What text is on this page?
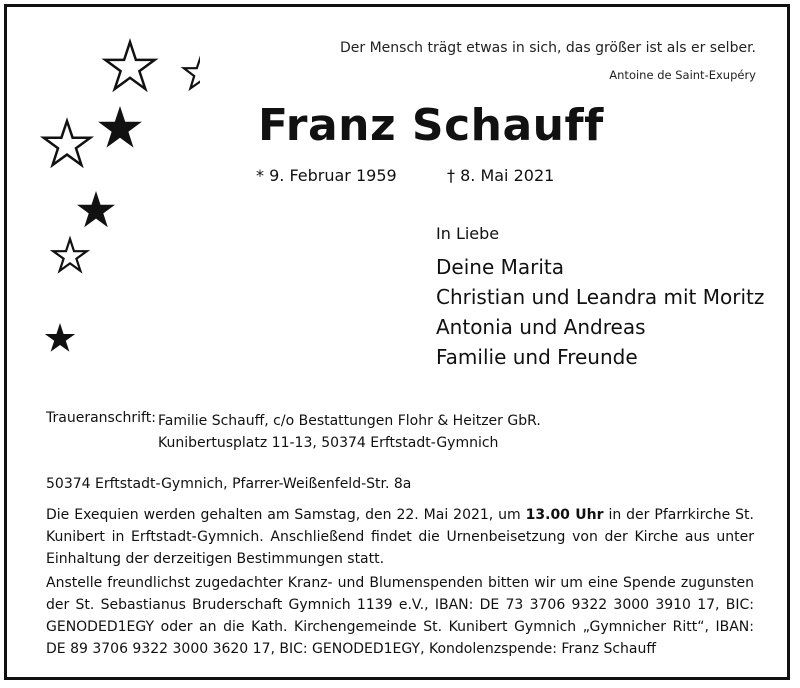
Der Mensch trägt etwas in sich, das größer ist als er selber.
Antoine de Saint-Exupéry
Franz Schauff
* 9. Februar 1959	† 8. Mai 2021
In Liebe
Deine Marita
Christian und Leandra mit Moritz
Antonia und Andreas
Familie und Freunde
Traueranschrift: Familie Schauff, c/o Bestattungen Flohr & Heitzer GbR.
Kunibertusplatz 11-13, 50374 Erftstadt-Gymnich
50374 Erftstadt-Gymnich, Pfarrer-Weißenfeld-Str. 8a

Die Exequien werden gehalten am Samstag, den 22. Mai 2021, um 13.00 Uhr in der Pfarrkirche St. Kunibert in Erftstadt-Gymnich. Anschließend findet die Urnenbeisetzung von der Kirche aus unter Einhaltung der derzeitigen Bestimmungen statt.

Anstelle freundlichst zugedachter Kranz- und Blumenspenden bitten wir um eine Spende zugunsten der St. Sebastianus Bruderschaft Gymnich 1139 e.V., IBAN: DE 73 3706 9322 3000 3910 17, BIC: GENODED1EGY oder an die Kath. Kirchengemeinde St. Kunibert Gymnich „Gymnicher Ritt“, IBAN: DE 89 3706 9322 3000 3620 17, BIC: GENODED1EGY, Kondolenzspende: Franz Schauff
